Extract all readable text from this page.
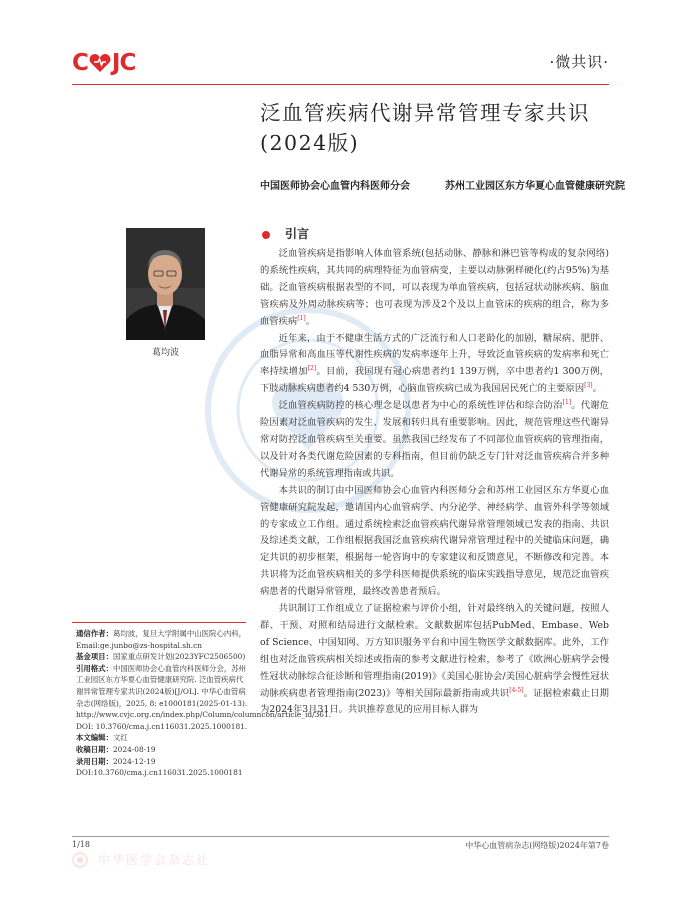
C JC	·微共识·
泛血管疾病代谢异常管理专家共识
(2024版)
中国医师协会心血管内科医师分会	苏州工业园区东方华夏心血管健康研究院
葛均波
引言

泛血管疾病是指影响人体血管系统(包括动脉、静脉和淋巴管等构成的复杂网络)的系统性疾病，其共同的病理特征为血管病变，主要以动脉粥样硬化(约占95%)为基础。泛血管疾病根据表型的不同，可以表现为单血管疾病，包括冠状动脉疾病、脑血管疾病及外周动脉疾病等；也可表现为涉及2个及以上血管床的疾病的组合，称为多血管疾病[1]。

近年来，由于不健康生活方式的广泛流行和人口老龄化的加剧，糖尿病、肥胖、血脂异常和高血压等代谢性疾病的发病率逐年上升，导致泛血管疾病的发病率和死亡率持续增加[2]。目前，我国现有冠心病患者约1 139万例，卒中患者约1 300万例，下肢动脉疾病患者约4 530万例，心脑血管疾病已成为我国居民死亡的主要原因[3]。

泛血管疾病防控的核心理念是以患者为中心的系统性评估和综合防治[1]。代谢危险因素对泛血管疾病的发生、发展和转归具有重要影响。因此，规范管理这些代谢异常对防控泛血管疾病至关重要。虽然我国已经发布了不同部位血管疾病的管理指南，以及针对各类代谢危险因素的专科指南，但目前仍缺乏专门针对泛血管疾病合并多种代谢异常的系统管理指南或共识。

本共识的制订由中国医师协会心血管内科医师分会和苏州工业园区东方华夏心血管健康研究院发起，邀请国内心血管病学、内分泌学、神经病学、血管外科学等领域的专家成立工作组。通过系统检索泛血管疾病代谢异常管理领域已发表的指南、共识及综述类文献，工作组根据我国泛血管疾病代谢异常管理过程中的关键临床问题，确定共识的初步框架，根据每一轮咨询中的专家建议和反馈意见，不断修改和完善。本共识将为泛血管疾病相关的多学科医师提供系统的临床实践指导意见，规范泛血管疾病患者的代谢异常管理，最终改善患者预后。

共识制订工作组成立了证据检索与评价小组，针对最终纳入的关键问题，按照人群、干预、对照和结局进行文献检索。文献数据库包括PubMed、Embase、Web of Science、中国知网、万方知识服务平台和中国生物医学文献数据库。此外，工作组也对泛血管疾病相关综述或指南的参考文献进行检索，参考了《欧洲心脏病学会慢性冠状动脉综合征诊断和管理指南(2019)》《美国心脏协会/美国心脏病学会慢性冠状动脉疾病患者管理指南(2023)》等相关国际最新指南或共识[4-5]。证据检索截止日期为2024年3月31日。共识推荐意见的应用目标人群为

通信作者：葛均波，复旦大学附属中山医院心内科，Email:ge.junbo@zs-hospital.sh.cn
基金项目：国家重点研发计划(2023YFC2506500)
引用格式：中国医师协会心血管内科医师分会，苏州工业园区东方华夏心血管健康研究院. 泛血管疾病代谢异常管理专家共识(2024版)[J/OL]. 中华心血管病杂志(网络版)，2025, 8: e1000181(2025-01-13). http://www.cvjc.org.cn/index.php/Column/columncon/article_id/361. DOI: 10.3760/cma.j.cn116031.2025.1000181.
本文编辑：文红
收稿日期：2024-08-19
录用日期：2024-12-19
DOI:10.3760/cma.j.cn116031.2025.1000181
1/18	中华心血管病杂志(网络版)2024年第7卷
中华医学会杂志社
